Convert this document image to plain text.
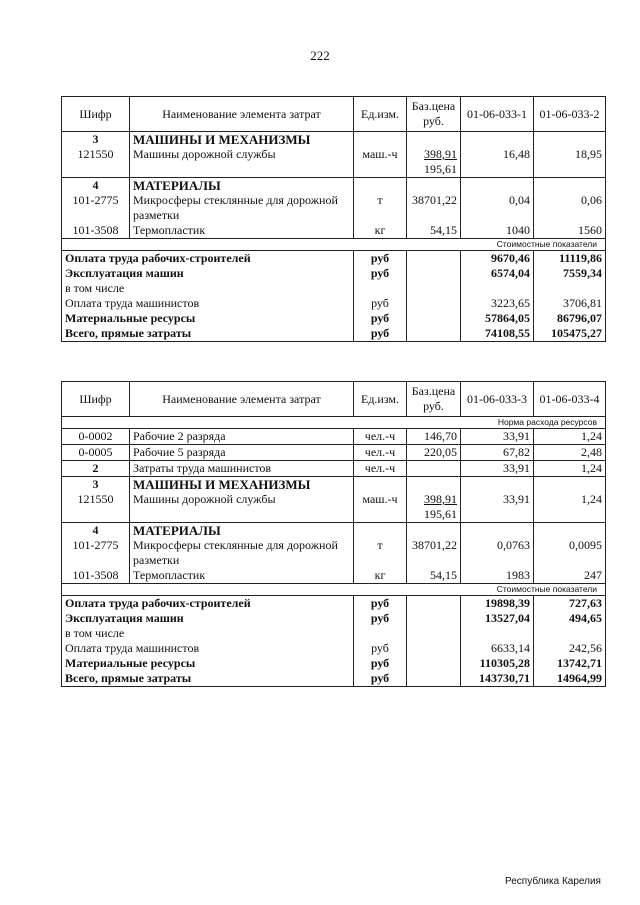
222
Шифр	Наименование элемента затрат	Ед.изм.	Баз.цена руб.	01-06-033-1	01-06-033-2
3	МАШИНЫ И МЕХАНИЗМЫ				
121550	Машины дорожной службы	маш.-ч	398,91	16,48	18,95
			195,61		
4	МАТЕРИАЛЫ				
101-2775	Микросферы стеклянные для дорожной разметки	т	38701,22	0,04	0,06
101-3508	Термопластик	кг	54,15	1040	1560
Стоимостные показатели					
Оплата труда рабочих-строителей		руб		9670,46	11119,86
Эксплуатация машин		руб		6574,04	7559,34
в том числе					
Оплата труда машинистов		руб		3223,65	3706,81
Материальные ресурсы		руб		57864,05	86796,07
Всего, прямые затраты		руб		74108,55	105475,27
Шифр	Наименование элемента затрат	Ед.изм.	Баз.цена руб.	01-06-033-3	01-06-033-4
Норма расхода ресурсов					
0-0002	Рабочие 2 разряда	чел.-ч	146,70	33,91	1,24
0-0005	Рабочие 5 разряда	чел.-ч	220,05	67,82	2,48
2	Затраты труда машинистов	чел.-ч		33,91	1,24
3	МАШИНЫ И МЕХАНИЗМЫ				
121550	Машины дорожной службы	маш.-ч	398,91	33,91	1,24
			195,61		
4	МАТЕРИАЛЫ				
101-2775	Микросферы стеклянные для дорожной разметки	т	38701,22	0,0763	0,0095
101-3508	Термопластик	кг	54,15	1983	247
Стоимостные показатели					
Оплата труда рабочих-строителей		руб		19898,39	727,63
Эксплуатация машин		руб		13527,04	494,65
в том числе					
Оплата труда машинистов		руб		6633,14	242,56
Материальные ресурсы		руб		110305,28	13742,71
Всего, прямые затраты		руб		143730,71	14964,99
Республика Карелия
